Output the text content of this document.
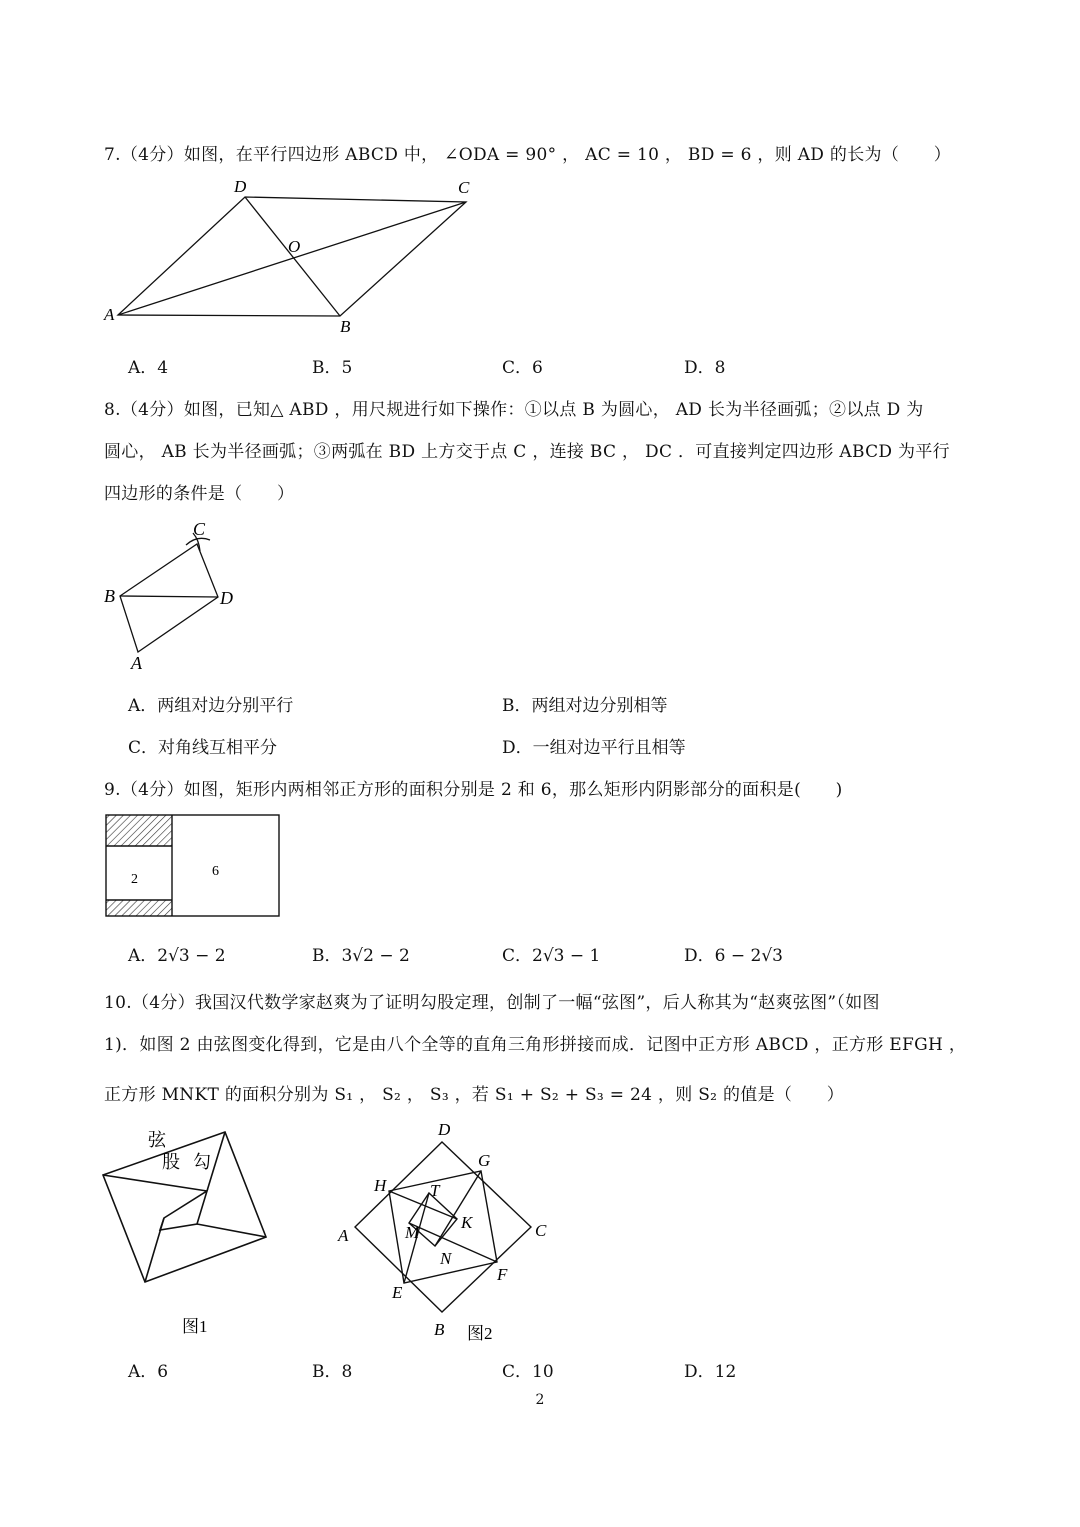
7.（4分）如图，在平行四边形 ABCD 中， ∠ODA = 90° ， AC = 10 ， BD = 6 ，则 AD 的长为（　　）
A
D	C
B
O
A．4	B．5	C．6	D．8
8.（4分）如图，已知△ ABD ，用尺规进行如下操作：①以点 B 为圆心， AD 长为半径画弧；②以点 D 为
圆心， AB 长为半径画弧；③两弧在 BD 上方交于点 C ，连接 BC ， DC ．可直接判定四边形 ABCD 为平行
四边形的条件是（　　）
C
B	D
A
A．两组对边分别平行	B．两组对边分别相等
C．对角线互相平分	D．一组对边平行且相等
9.（4分）如图，矩形内两相邻正方形的面积分别是 2 和 6，那么矩形内阴影部分的面积是(　　)
2
6
A．2√3 − 2	B．3√2 − 2	C．2√3 − 1	D．6 − 2√3
10.（4分）我国汉代数学家赵爽为了证明勾股定理，创制了一幅“弦图”，后人称其为“赵爽弦图”（如图
1)．如图 2 由弦图变化得到，它是由八个全等的直角三角形拼接而成．记图中正方形 ABCD ，正方形 EFGH ，
正方形 MNKT 的面积分别为 S₁ ， S₂ ， S₃ ，若 S₁ + S₂ + S₃ = 24 ，则 S₂ 的值是（　　）
弦
股 勾
图1
D
G
H	T
K
A	M	C
N
F
E
B 图2
A．6	B．8	C．10	D．12
2
